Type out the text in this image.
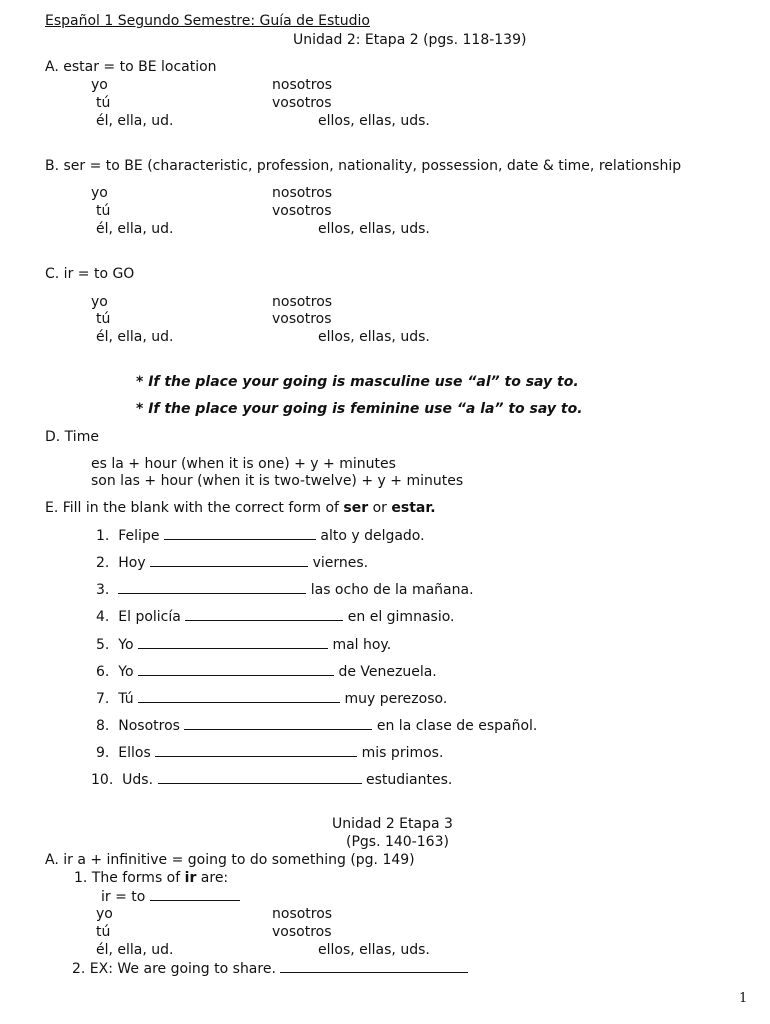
Español 1 Segundo Semestre: Guía de Estudio
Unidad 2: Etapa 2 (pgs. 118-139)
A. estar = to BE location
yo	nosotros
tú	vosotros
él, ella, ud.	ellos, ellas, uds.
B. ser = to BE (characteristic, profession, nationality, possession, date & time, relationship
yo	nosotros
tú	vosotros
él, ella, ud.	ellos, ellas, uds.
C. ir = to GO
yo	nosotros
tú	vosotros
él, ella, ud.	ellos, ellas, uds.
* If the place your going is masculine use “al” to say to.
* If the place your going is feminine use “a la” to say to.
D. Time
es la + hour (when it is one) + y + minutes
son las + hour (when it is two-twelve) + y + minutes
E. Fill in the blank with the correct form of ser or estar.
1. Felipe	alto y delgado.
2. Hoy	viernes.
3.	las ocho de la mañana.
4. El policía	en el gimnasio.
5. Yo	mal hoy.
6. Yo	de Venezuela.
7. Tú	muy perezoso.
8. Nosotros	en la clase de español.
9. Ellos	mis primos.
10. Uds.	estudiantes.
Unidad 2 Etapa 3
(Pgs. 140-163)
A. ir a + infinitive = going to do something (pg. 149)
1. The forms of ir are:
ir = to
yo	nosotros
tú	vosotros
él, ella, ud.	ellos, ellas, uds.
2. EX: We are going to share.
1
